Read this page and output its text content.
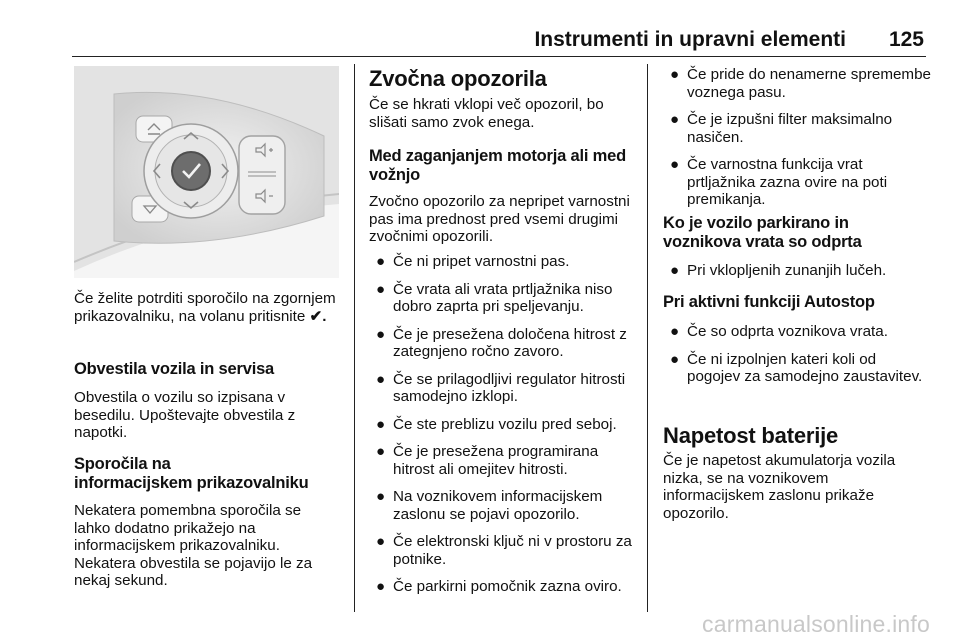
Instrumenti in upravni elementi 125

Če želite potrditi sporočilo na zgornjem prikazovalniku, na volanu pritisnite ✔.

Obvestila vozila in servisa

Obvestila o vozilu so izpisana v besedilu. Upoštevajte obvestila z napotki.

Sporočila na
informacijskem prikazovalniku

Nekatera pomembna sporočila se lahko dodatno prikažejo na informacijskem prikazovalniku. Nekatera obvestila se pojavijo le za nekaj sekund.

Zvočna opozorila

Če se hkrati vklopi več opozoril, bo slišati samo zvok enega.

Med zaganjanjem motorja ali med vožnjo

Zvočno opozorilo za nepripet varnostni pas ima prednost pred vsemi drugimi zvočnimi opozorili.

● Če ni pripet varnostni pas.
● Če vrata ali vrata prtljažnika niso dobro zaprta pri speljevanju.
● Če je presežena določena hitrost z zategnjeno ročno zavoro.
● Če se prilagodljivi regulator hitrosti samodejno izklopi.
● Če ste preblizu vozilu pred seboj.
● Če je presežena programirana hitrost ali omejitev hitrosti.
● Na voznikovem informacijskem zaslonu se pojavi opozorilo.
● Če elektronski ključ ni v prostoru za potnike.
● Če parkirni pomočnik zazna oviro.
● Če pride do nenamerne spremembe voznega pasu.
● Če je izpušni filter maksimalno nasičen.
● Če varnostna funkcija vrat prtljažnika zazna ovire na poti premikanja.
Ko je vozilo parkirano in voznikova vrata so odprta
● Pri vklopljenih zunanjih lučeh.
Pri aktivni funkciji Autostop
● Če so odprta voznikova vrata.
● Če ni izpolnjen kateri koli od pogojev za samodejno zaustavitev.
Napetost baterije

Če je napetost akumulatorja vozila nizka, se na voznikovem informacijskem zaslonu prikaže opozorilo.

carmanualsonline.info
